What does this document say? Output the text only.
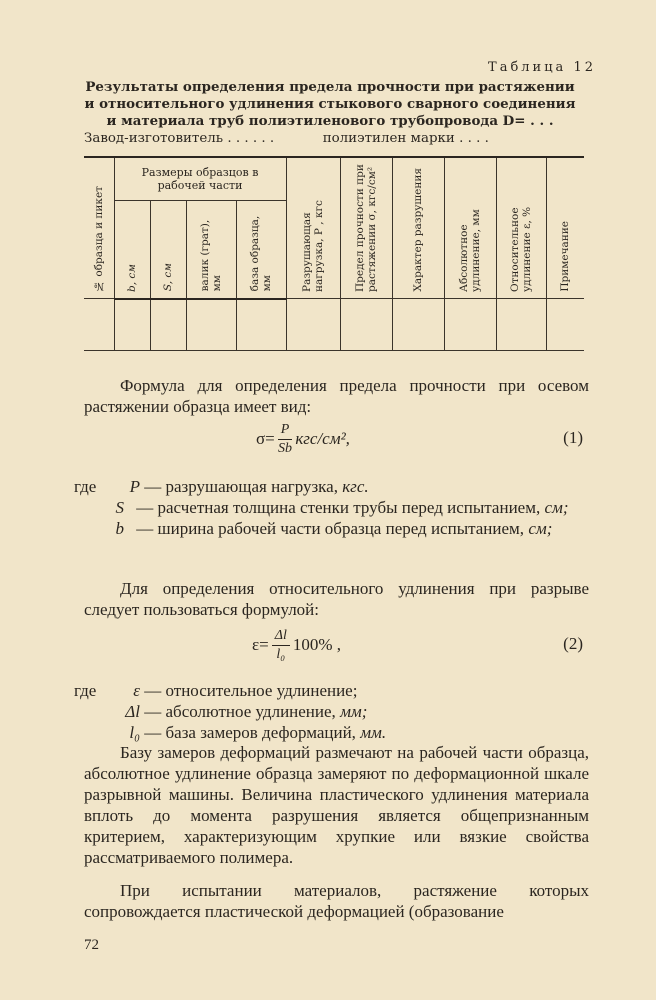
Таблица 12
Результаты определения предела прочности при растяжении
и относительного удлинения стыкового сварного соединения
и материала труб полиэтиленового трубопровода D= . . .
Завод-изготовитель . . . . . .	полиэтилен марки . . . .
№ образца и пикет	Размеры образцов в рабочей части				Разрушающая нагрузка, P , кгс	Предел прочности при растяжении σ, кгс/см²	Характер разрушения	Абсолютное удлинение, мм	Относительное удлинение ε, %	Примечание

	b, см	S, см	валик (грат), мм	база образца, мм						

Формула для определения предела прочности при осевом растяжении образца имеет вид:
$\sigma= \frac{P}{Sb} кгс/см^2$,	(1)
где P — разрушающая нагрузка, кгс.
S — расчетная толщина стенки трубы перед испытанием, см;
b — ширина рабочей части образца перед испытанием, см;
Для определения относительного удлинения при разрыве следует пользоваться формулой:
$\varepsilon= \frac{\Delta l}{\text{l₀}} 100\%$ ,	(2)
где ε — относительное удлинение;
Δl — абсолютное удлинение, мм;
l₀ — база замеров деформаций, мм.
Базу замеров деформаций размечают на рабочей части образца, абсолютное удлинение образца замеряют по деформационной шкале разрывной машины. Величина пластического удлинения материала вплоть до момента разрушения является общепризнанным критерием, характеризующим хрупкие или вязкие свойства рассматриваемого полимера.
При испытании материалов, растяжение которых сопровождается пластической деформацией (образование
72
